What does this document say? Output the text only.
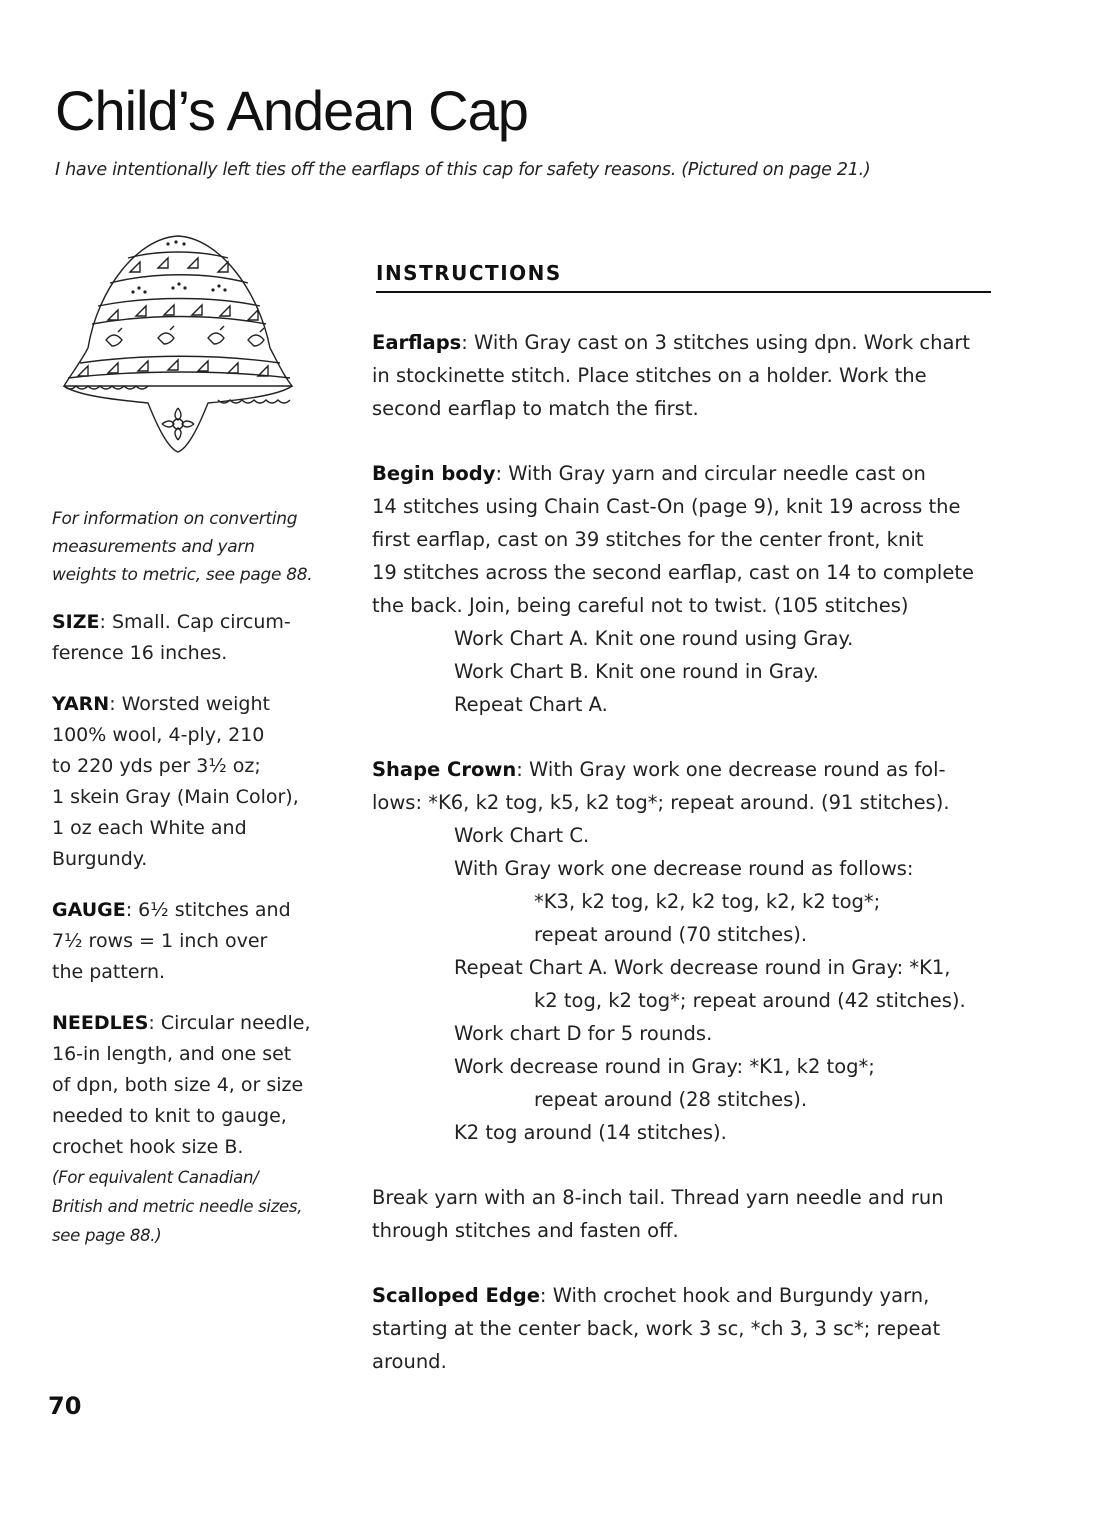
Child’s Andean Cap

I have intentionally left ties off the earflaps of this cap for safety reasons. (Pictured on page 21.)

For information on converting
measurements and yarn
weights to metric, see page 88.

SIZE: Small. Cap circum-
ference 16 inches.

YARN: Worsted weight
100% wool, 4-ply, 210
to 220 yds per 3½ oz;
1 skein Gray (Main Color),
1 oz each White and
Burgundy.

GAUGE: 6½ stitches and
7½ rows = 1 inch over
the pattern.

NEEDLES: Circular needle,
16-in length, and one set
of dpn, both size 4, or size
needed to knit to gauge,
crochet hook size B.
(For equivalent Canadian/
British and metric needle sizes,
see page 88.)

INSTRUCTIONS

Earflaps: With Gray cast on 3 stitches using dpn. Work chart

in stockinette stitch. Place stitches on a holder. Work the

second earflap to match the first.

Begin body: With Gray yarn and circular needle cast on

14 stitches using Chain Cast-On (page 9), knit 19 across the

first earflap, cast on 39 stitches for the center front, knit

19 stitches across the second earflap, cast on 14 to complete

the back. Join, being careful not to twist. (105 stitches)

Work Chart A. Knit one round using Gray.

Work Chart B. Knit one round in Gray.

Repeat Chart A.

Shape Crown: With Gray work one decrease round as fol-

lows: *K6, k2 tog, k5, k2 tog*; repeat around. (91 stitches).

Work Chart C.

With Gray work one decrease round as follows:

*K3, k2 tog, k2, k2 tog, k2, k2 tog*;

repeat around (70 stitches).

Repeat Chart A. Work decrease round in Gray: *K1,

k2 tog, k2 tog*; repeat around (42 stitches).

Work chart D for 5 rounds.

Work decrease round in Gray: *K1, k2 tog*;

repeat around (28 stitches).

K2 tog around (14 stitches).

Break yarn with an 8-inch tail. Thread yarn needle and run

through stitches and fasten off.

Scalloped Edge: With crochet hook and Burgundy yarn,

starting at the center back, work 3 sc, *ch 3, 3 sc*; repeat

around.

70
